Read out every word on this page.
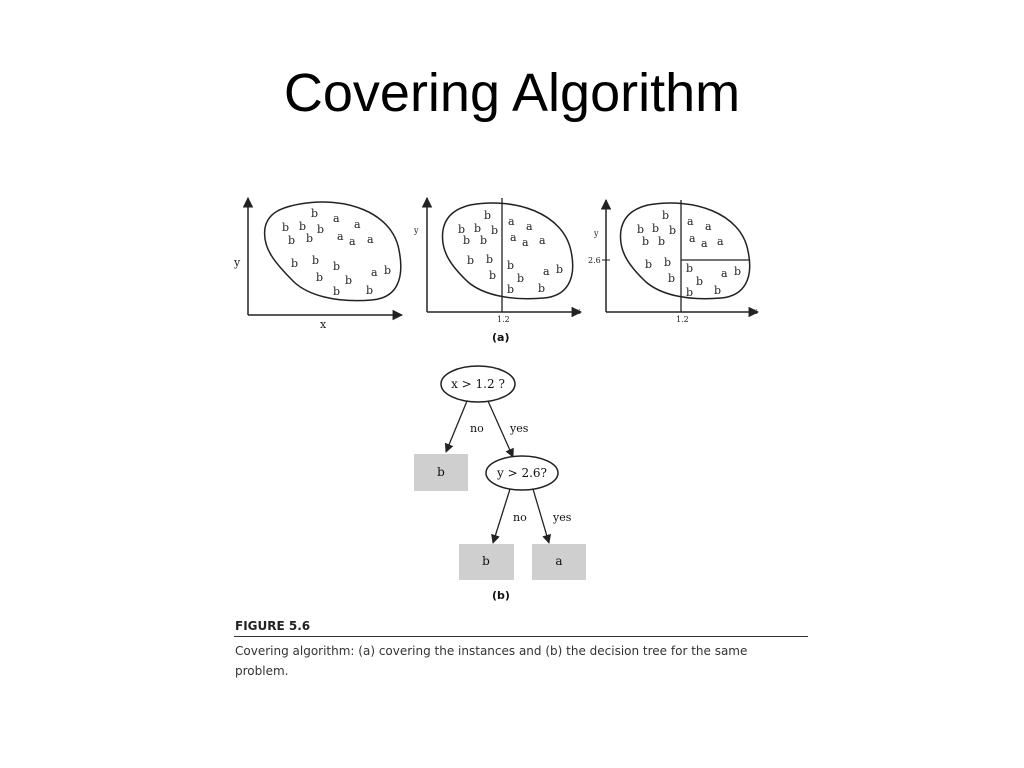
Covering Algorithm
x
y
b a
b b b	a
b b a a a
b b b	a b
b b
b b
x
y
1.2
b a
b b b	a
b b a a a
b b b	a b
b b
b b
x
y
2.6
1.2
b a
b b b	a
b b a a a
b b b	a b
b b
b b
(a)
x > 1.2 ?
no yes
b	y > 2.6?
no yes
b	a
(b)
FIGURE 5.6
Covering algorithm: (a) covering the instances and (b) the decision tree for the same problem.
